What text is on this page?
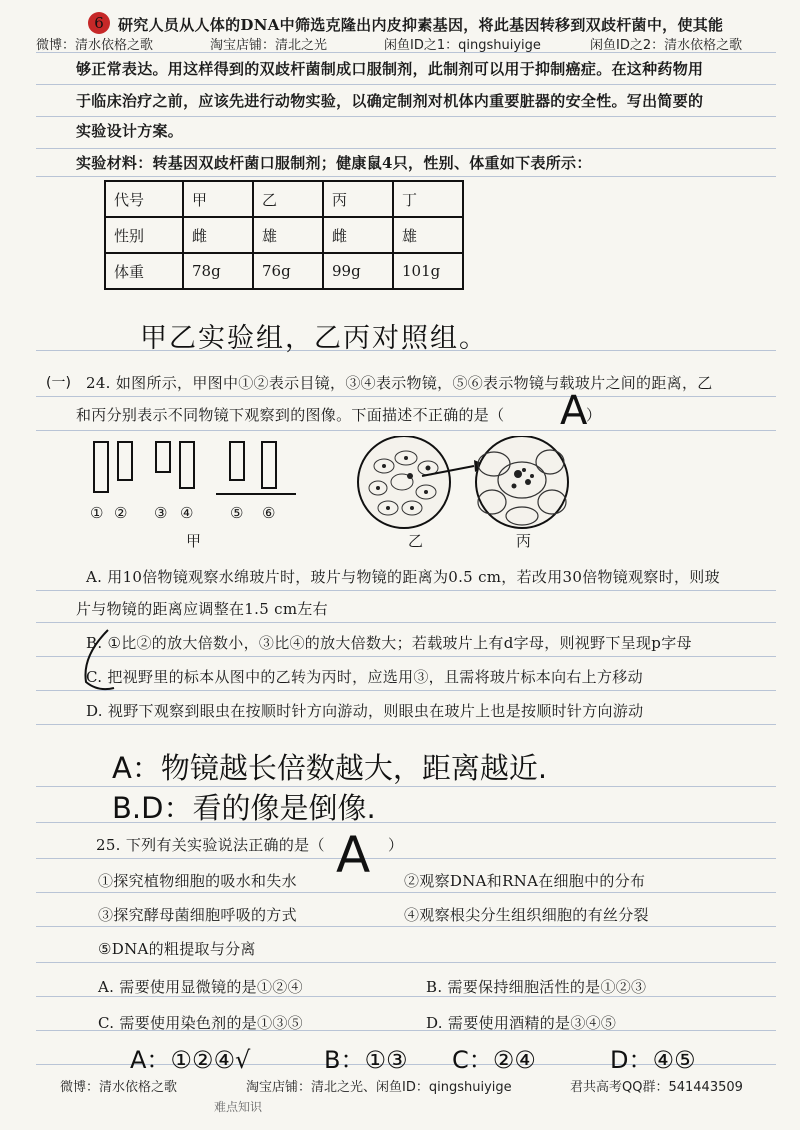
微博：清水依格之歌	淘宝店铺：清北之光	闲鱼ID之1：qingshuiyige	闲鱼ID之2：清水依格之歌
6 研究人员从人体的DNA中筛选克隆出内皮抑素基因，将此基因转移到双歧杆菌中，使其能
够正常表达。用这样得到的双歧杆菌制成口服制剂，此制剂可以用于抑制癌症。在这种药物用
于临床治疗之前，应该先进行动物实验，以确定制剂对机体内重要脏器的安全性。写出简要的
实验设计方案。
实验材料：转基因双歧杆菌口服制剂；健康鼠4只，性别、体重如下表所示：
代号	甲	乙	丙	丁
性别	雌	雄	雌	雄
体重	78g	76g	99g	101g
甲乙实验组，乙丙对照组。
(一) 24. 如图所示，甲图中①②表示目镜，③④表示物镜，⑤⑥表示物镜与载玻片之间的距离，乙
和丙分别表示不同物镜下观察到的图像。下面描述不正确的是（ A
）
① ② ③ ④ ⑤ ⑥
甲	乙	丙
A. 用10倍物镜观察水绵玻片时，玻片与物镜的距离为0.5 cm，若改用30倍物镜观察时，则玻
片与物镜的距离应调整在1.5 cm左右
B. ①比②的放大倍数小，③比④的放大倍数大；若载玻片上有d字母，则视野下呈现p字母
C. 把视野里的标本从图中的乙转为丙时，应选用③，且需将玻片标本向右上方移动
D. 视野下观察到眼虫在按顺时针方向游动，则眼虫在玻片上也是按顺时针方向游动
A：物镜越长倍数越大，距离越近.
B.D：看的像是倒像.
25. 下列有关实验说法正确的是（ A ）
①探究植物细胞的吸水和失水	②观察DNA和RNA在细胞中的分布
③探究酵母菌细胞呼吸的方式	④观察根尖分生组织细胞的有丝分裂
⑤DNA的粗提取与分离
A. 需要使用显微镜的是①②④	B. 需要保持细胞活性的是①②③
C. 需要使用染色剂的是①③⑤	D. 需要使用酒精的是③④⑤
A：①②④√	B：①③ C：②④	D：④⑤
微博：清水依格之歌	淘宝店铺：清北之光、闲鱼ID：qingshuiyige	君共高考QQ群：541443509
难点知识
